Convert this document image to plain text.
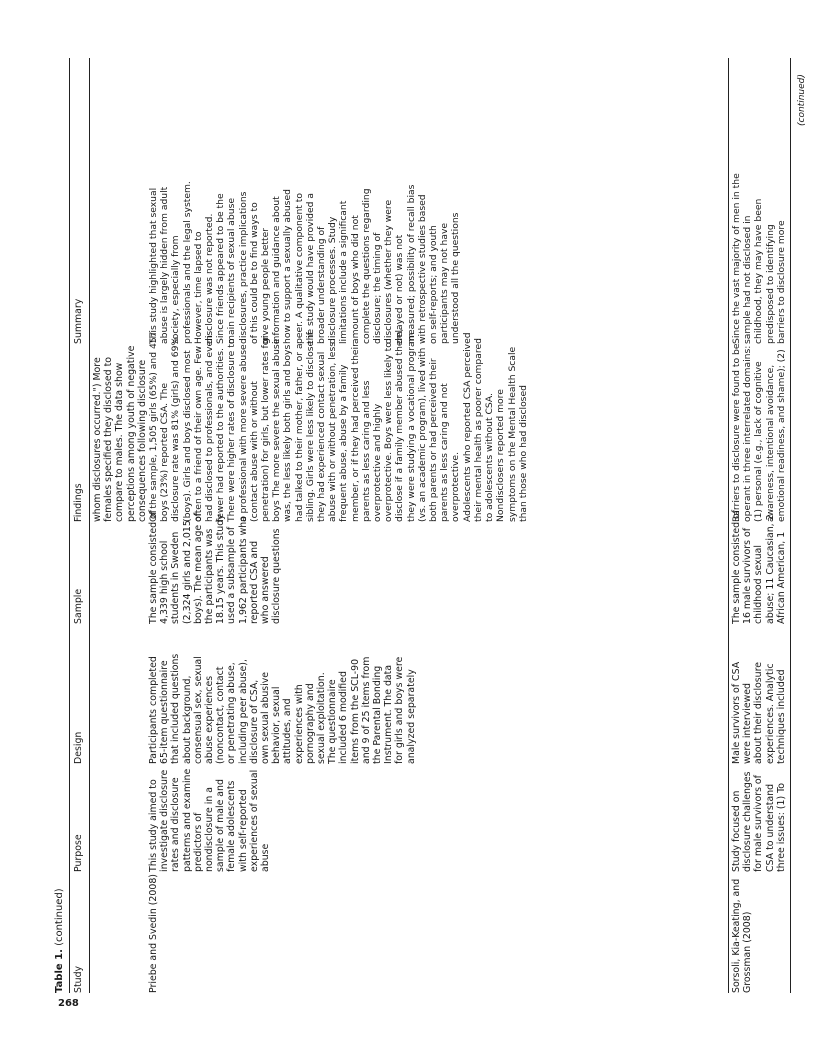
268
Table 1. (continued)
Study
Purpose
Design
Sample
Findings
Summary
whom disclosures occurred.") More females specified they disclosed to compare to males. The data show perceptions among youth of negative consequences following disclosure
Priebe and Svedin (2008)
This study aimed to investigate disclosure rates and disclosure patterns and examine predictors of nondisclosure in a sample of male and female adolescents with self-reported experiences of sexual abuse
Participants completed 65-item questionnaire that included questions about background, consensual sex, sexual abuse experiences (noncontact, contact or penetrating abuse, including peer abuse), disclosure of CSA, own sexual abusive behavior, sexual attitudes, and experiences with pornography and sexual exploitation. The questionnaire included 6 modified items from the SCL-90 and 9 of 25 items from the Parental Bonding Instrument. The data for girls and boys were analyzed separately
The sample consisted of 4,339 high school students in Sweden (2,324 girls and 2,015 boys). The mean age of the participants was 18.15 years. This study used a subsample of 1,962 participants who reported CSA and who answered disclosure questions
Of the sample, 1,505 girls (65%) and 457 boys (23%) reported CSA. The disclosure rate was 81% (girls) and 69% (boys). Girls and boys disclosed most often to a friend of their own age. Few had disclosed to professionals, and even fewer had reported to the authorities. There were higher rates of disclosure to a professional with more severe abuse (contact abuse with or without penetration) for girls, but lower rates for boys The more severe the sexual abuse was, the less likely both girls and boys had talked to their mother, father, or a sibling. Girls were less likely to disclose if they had experienced contact sexual abuse with or without penetration, less frequent abuse, abuse by a family member, or if they had perceived their parents as less caring and less overprotective and highly overprotective. Boys were less likely to disclose if a family member abused them, they were studying a vocational program (vs. an academic program), lived with both parents or had perceived their parents as less caring and not overprotective. Adolescents who reported CSA perceived their mental health as poorer compared to adolescents without CSA. Nondisclosers reported more symptoms on the Mental Health Scale than those who had disclosed
This study highlighted that sexual abuse is largely hidden from adult society, especially from professionals and the legal system. However, time lapsed to disclosure was not reported. Since friends appeared to be the main recipients of sexual abuse disclosures, practice implications of this could be to find ways to give young people better information and guidance about how to support a sexually abused peer. A qualitative component to the study would have provided a broader understanding of disclosure processes. Study limitations include a significant amount of boys who did not complete the questions regarding disclosure; the timing of disclosures (whether they were delayed or not) was not measured; possibility of recall bias with retrospective studies based on self-reports; and youth participants may not have understood all the questions
Sorsoli, Kia-Keating, and Grossman (2008)
Study focused on disclosure challenges for male survivors of CSA to understand three issues: (1) To
Male survivors of CSA were interviewed about their disclosure experiences. Analytic techniques included
The sample consisted of 16 male survivors of childhood sexual abuse; 11 Caucasian, 2 African American, 1
Barriers to disclosure were found to be operant in three interrelated domains: (1) personal (e.g., lack of cognitive awareness, intentional avoidance, emotional readiness, and shame); (2)
Since the vast majority of men in the sample had not disclosed in childhood, they may have been predisposed to identifying barriers to disclosure more
(continued)
